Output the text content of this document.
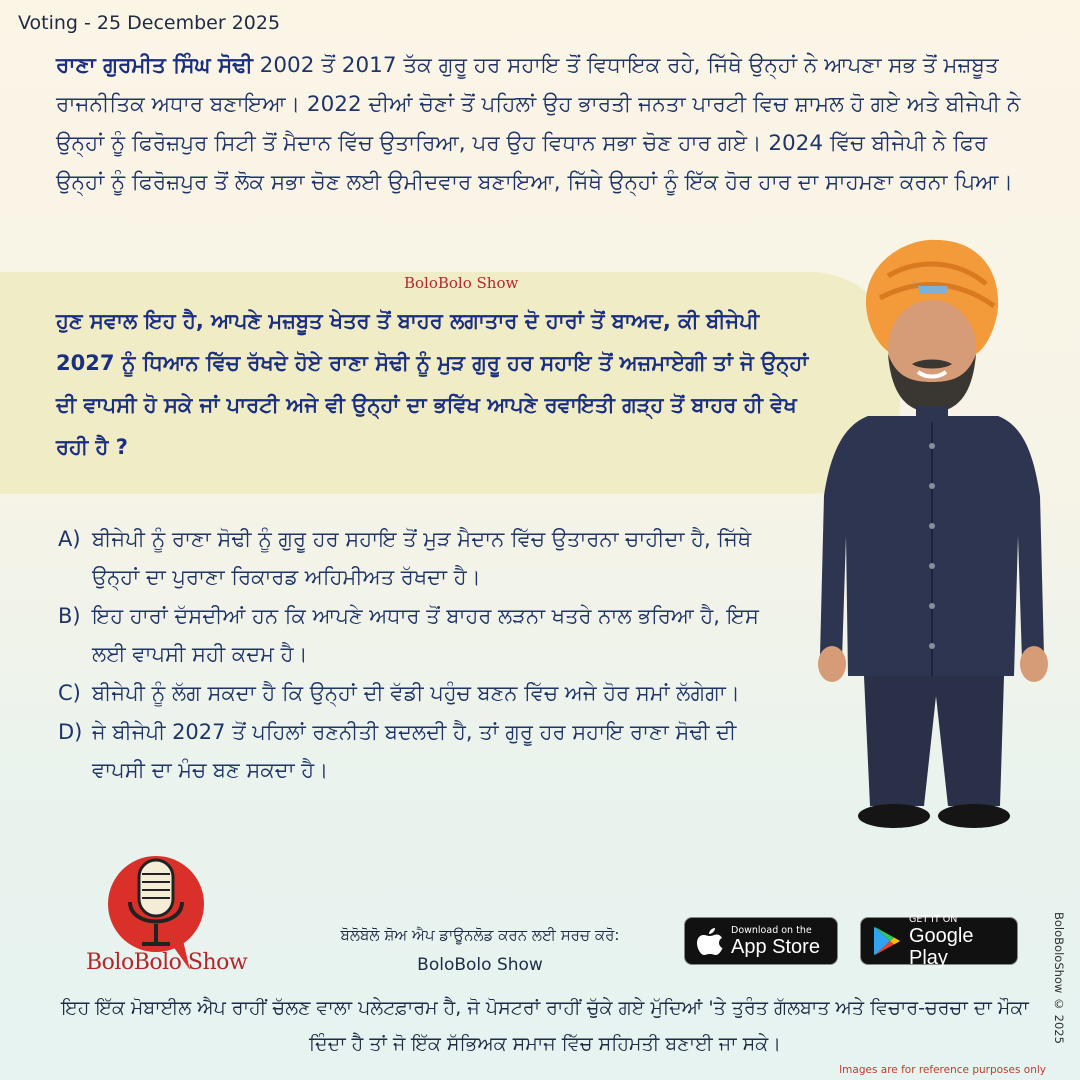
Voting - 25 December 2025

ਰਾਣਾ ਗੁਰਮੀਤ ਸਿੰਘ ਸੋਢੀ 2002 ਤੋਂ 2017 ਤੱਕ ਗੁਰੂ ਹਰ ਸਹਾਇ ਤੋਂ ਵਿਧਾਇਕ ਰਹੇ, ਜਿੱਥੇ ਉਨ੍ਹਾਂ ਨੇ ਆਪਣਾ ਸਭ ਤੋਂ ਮਜ਼ਬੂਤ ਰਾਜਨੀਤਿਕ ਅਧਾਰ ਬਣਾਇਆ। 2022 ਦੀਆਂ ਚੋਣਾਂ ਤੋਂ ਪਹਿਲਾਂ ਉਹ ਭਾਰਤੀ ਜਨਤਾ ਪਾਰਟੀ ਵਿਚ ਸ਼ਾਮਲ ਹੋ ਗਏ ਅਤੇ ਬੀਜੇਪੀ ਨੇ ਉਨ੍ਹਾਂ ਨੂੰ ਫਿਰੋਜ਼ਪੁਰ ਸਿਟੀ ਤੋਂ ਮੈਦਾਨ ਵਿੱਚ ਉਤਾਰਿਆ, ਪਰ ਉਹ ਵਿਧਾਨ ਸਭਾ ਚੋਣ ਹਾਰ ਗਏ। 2024 ਵਿੱਚ ਬੀਜੇਪੀ ਨੇ ਫਿਰ ਉਨ੍ਹਾਂ ਨੂੰ ਫਿਰੋਜ਼ਪੁਰ ਤੋਂ ਲੋਕ ਸਭਾ ਚੋਣ ਲਈ ਉਮੀਦਵਾਰ ਬਣਾਇਆ, ਜਿੱਥੇ ਉਨ੍ਹਾਂ ਨੂੰ ਇੱਕ ਹੋਰ ਹਾਰ ਦਾ ਸਾਹਮਣਾ ਕਰਨਾ ਪਿਆ।

BoloBolo Show

ਹੁਣ ਸਵਾਲ ਇਹ ਹੈ, ਆਪਣੇ ਮਜ਼ਬੂਤ ਖੇਤਰ ਤੋਂ ਬਾਹਰ ਲਗਾਤਾਰ ਦੋ ਹਾਰਾਂ ਤੋਂ ਬਾਅਦ, ਕੀ ਬੀਜੇਪੀ 2027 ਨੂੰ ਧਿਆਨ ਵਿੱਚ ਰੱਖਦੇ ਹੋਏ ਰਾਣਾ ਸੋਢੀ ਨੂੰ ਮੁੜ ਗੁਰੂ ਹਰ ਸਹਾਇ ਤੋਂ ਅਜ਼ਮਾਏਗੀ ਤਾਂ ਜੋ ਉਨ੍ਹਾਂ ਦੀ ਵਾਪਸੀ ਹੋ ਸਕੇ ਜਾਂ ਪਾਰਟੀ ਅਜੇ ਵੀ ਉਨ੍ਹਾਂ ਦਾ ਭਵਿੱਖ ਆਪਣੇ ਰਵਾਇਤੀ ਗੜ੍ਹ ਤੋਂ ਬਾਹਰ ਹੀ ਵੇਖ ਰਹੀ ਹੈ ?

A) ਬੀਜੇਪੀ ਨੂੰ ਰਾਣਾ ਸੋਢੀ ਨੂੰ ਗੁਰੂ ਹਰ ਸਹਾਇ ਤੋਂ ਮੁੜ ਮੈਦਾਨ ਵਿੱਚ ਉਤਾਰਨਾ ਚਾਹੀਦਾ ਹੈ, ਜਿੱਥੇ ਉਨ੍ਹਾਂ ਦਾ ਪੁਰਾਣਾ ਰਿਕਾਰਡ ਅਹਿਮੀਅਤ ਰੱਖਦਾ ਹੈ।
B) ਇਹ ਹਾਰਾਂ ਦੱਸਦੀਆਂ ਹਨ ਕਿ ਆਪਣੇ ਅਧਾਰ ਤੋਂ ਬਾਹਰ ਲੜਨਾ ਖਤਰੇ ਨਾਲ ਭਰਿਆ ਹੈ, ਇਸ ਲਈ ਵਾਪਸੀ ਸਹੀ ਕਦਮ ਹੈ।
C) ਬੀਜੇਪੀ ਨੂੰ ਲੱਗ ਸਕਦਾ ਹੈ ਕਿ ਉਨ੍ਹਾਂ ਦੀ ਵੱਡੀ ਪਹੁੰਚ ਬਣਨ ਵਿੱਚ ਅਜੇ ਹੋਰ ਸਮਾਂ ਲੱਗੇਗਾ।
D) ਜੇ ਬੀਜੇਪੀ 2027 ਤੋਂ ਪਹਿਲਾਂ ਰਣਨੀਤੀ ਬਦਲਦੀ ਹੈ, ਤਾਂ ਗੁਰੂ ਹਰ ਸਹਾਇ ਰਾਣਾ ਸੋਢੀ ਦੀ ਵਾਪਸੀ ਦਾ ਮੰਚ ਬਣ ਸਕਦਾ ਹੈ।
BoloBolo Show
ਬੋਲੋਬੋਲੋ ਸ਼ੋਅ ਐਪ ਡਾਊਨਲੋਡ ਕਰਨ ਲਈ ਸਰਚ ਕਰੋ:
BoloBolo Show
Download on the
App Store
GET IT ON
Google Play

ਇਹ ਇੱਕ ਮੋਬਾਈਲ ਐਪ ਰਾਹੀਂ ਚੱਲਣ ਵਾਲਾ ਪਲੇਟਫ਼ਾਰਮ ਹੈ, ਜੋ ਪੋਸਟਰਾਂ ਰਾਹੀਂ ਚੁੱਕੇ ਗਏ ਮੁੱਦਿਆਂ 'ਤੇ ਤੁਰੰਤ ਗੱਲਬਾਤ ਅਤੇ ਵਿਚਾਰ-ਚਰਚਾ ਦਾ ਮੌਕਾ ਦਿੰਦਾ ਹੈ ਤਾਂ ਜੋ ਇੱਕ ਸੱਭਿਅਕ ਸਮਾਜ ਵਿੱਚ ਸਹਿਮਤੀ ਬਣਾਈ ਜਾ ਸਕੇ।

BoloBoloShow © 2025
Images are for reference purposes only
